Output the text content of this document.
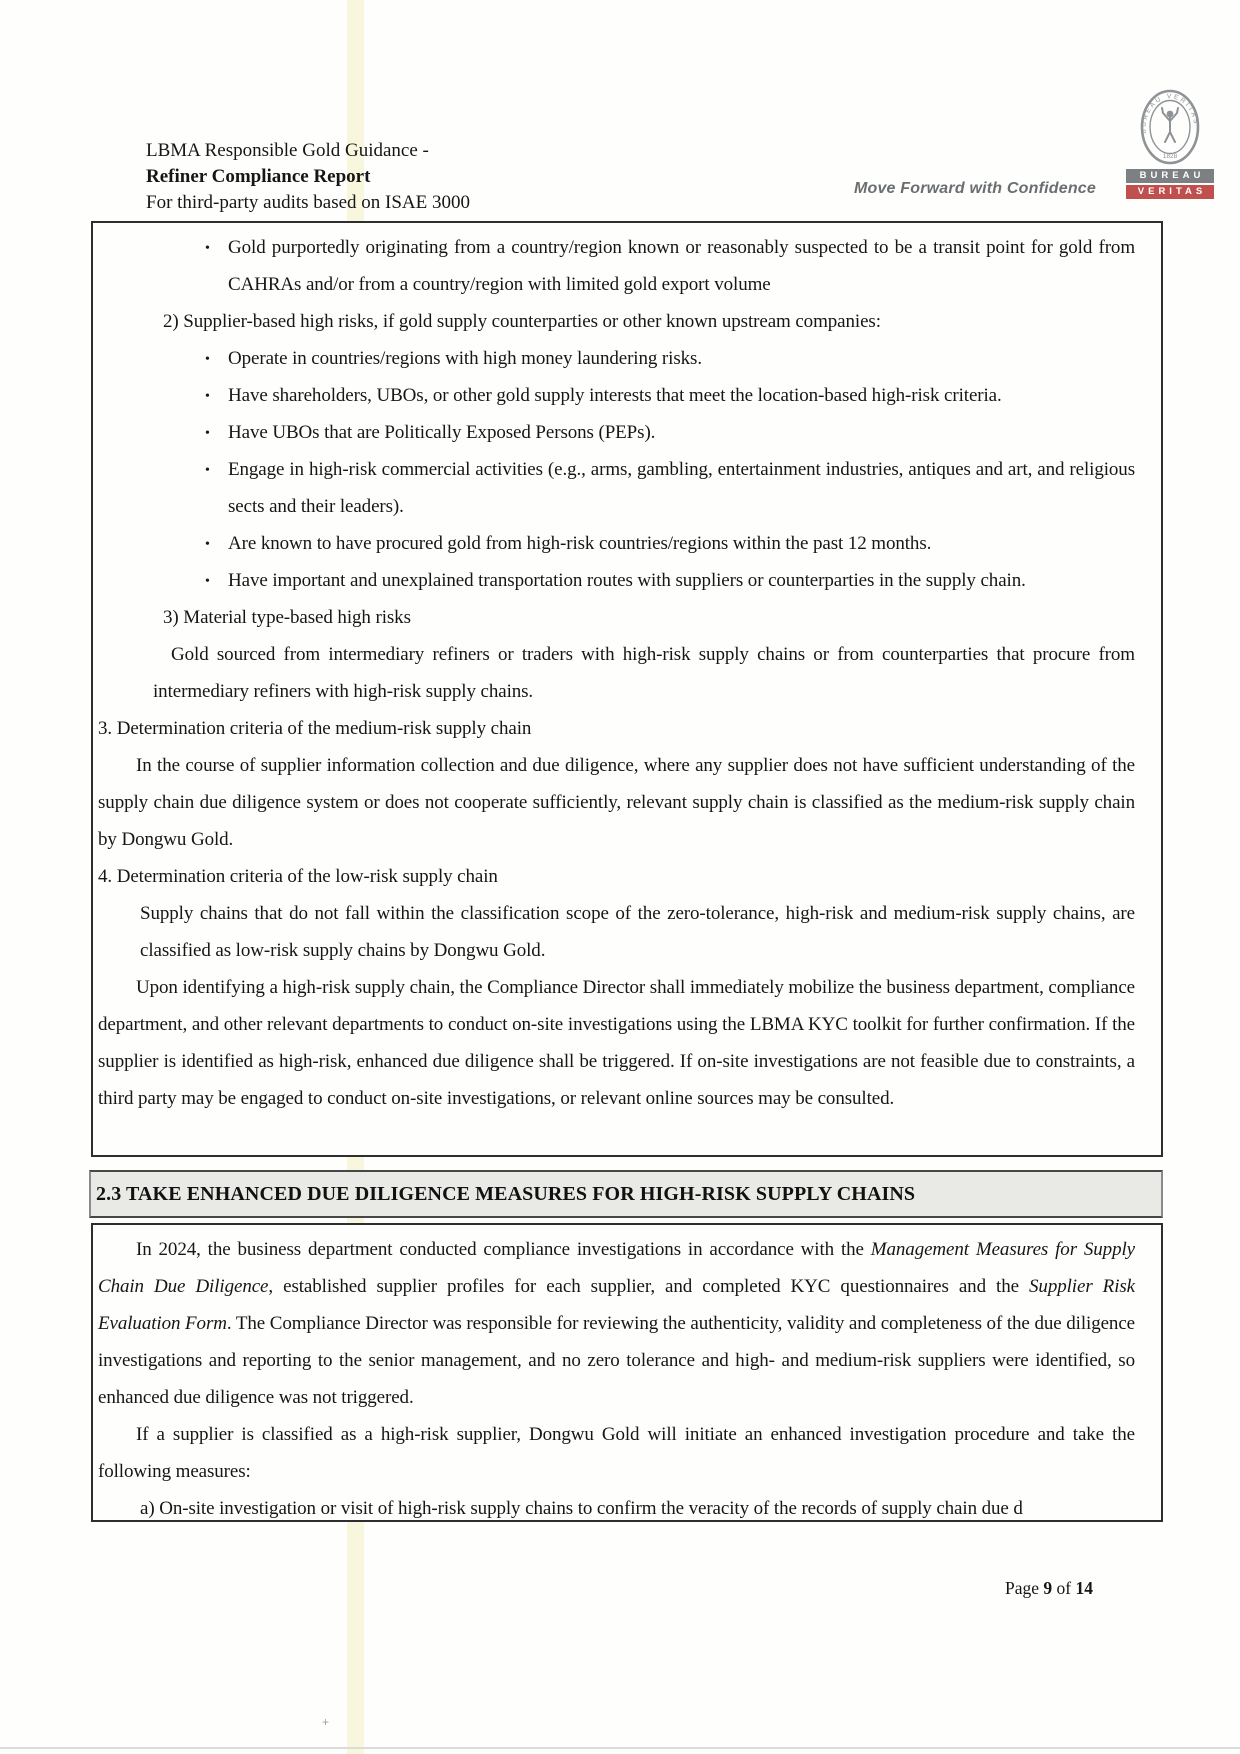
LBMA Responsible Gold Guidance -
Refiner Compliance Report
For third-party audits based on ISAE 3000
Move Forward with Confidence
BUREAU VERITAS
1828
BUREAU
VERITAS
• Gold purportedly originating from a country/region known or reasonably suspected to be a transit point for gold from CAHRAs and/or from a country/region with limited gold export volume
2) Supplier-based high risks, if gold supply counterparties or other known upstream companies:
• Operate in countries/regions with high money laundering risks.
• Have shareholders, UBOs, or other gold supply interests that meet the location-based high-risk criteria.
• Have UBOs that are Politically Exposed Persons (PEPs).
• Engage in high-risk commercial activities (e.g., arms, gambling, entertainment industries, antiques and art, and religious sects and their leaders).
• Are known to have procured gold from high-risk countries/regions within the past 12 months.
• Have important and unexplained transportation routes with suppliers or counterparties in the supply chain.
3) Material type-based high risks
Gold sourced from intermediary refiners or traders with high-risk supply chains or from counterparties that procure from intermediary refiners with high-risk supply chains.
3. Determination criteria of the medium-risk supply chain
In the course of supplier information collection and due diligence, where any supplier does not have sufficient understanding of the supply chain due diligence system or does not cooperate sufficiently, relevant supply chain is classified as the medium-risk supply chain by Dongwu Gold.
4. Determination criteria of the low-risk supply chain
Supply chains that do not fall within the classification scope of the zero-tolerance, high-risk and medium-risk supply chains, are classified as low-risk supply chains by Dongwu Gold.
Upon identifying a high-risk supply chain, the Compliance Director shall immediately mobilize the business department, compliance department, and other relevant departments to conduct on-site investigations using the LBMA KYC toolkit for further confirmation. If the supplier is identified as high-risk, enhanced due diligence shall be triggered. If on-site investigations are not feasible due to constraints, a third party may be engaged to conduct on-site investigations, or relevant online sources may be consulted.
2.3 TAKE ENHANCED DUE DILIGENCE MEASURES FOR HIGH-RISK SUPPLY CHAINS
In 2024, the business department conducted compliance investigations in accordance with the Management Measures for Supply Chain Due Diligence, established supplier profiles for each supplier, and completed KYC questionnaires and the Supplier Risk Evaluation Form. The Compliance Director was responsible for reviewing the authenticity, validity and completeness of the due diligence investigations and reporting to the senior management, and no zero tolerance and high- and medium-risk suppliers were identified, so enhanced due diligence was not triggered.
If a supplier is classified as a high-risk supplier, Dongwu Gold will initiate an enhanced investigation procedure and take the following measures:
a) On-site investigation or visit of high-risk supply chains to confirm the veracity of the records of supply chain due d
Page 9 of 14
+
